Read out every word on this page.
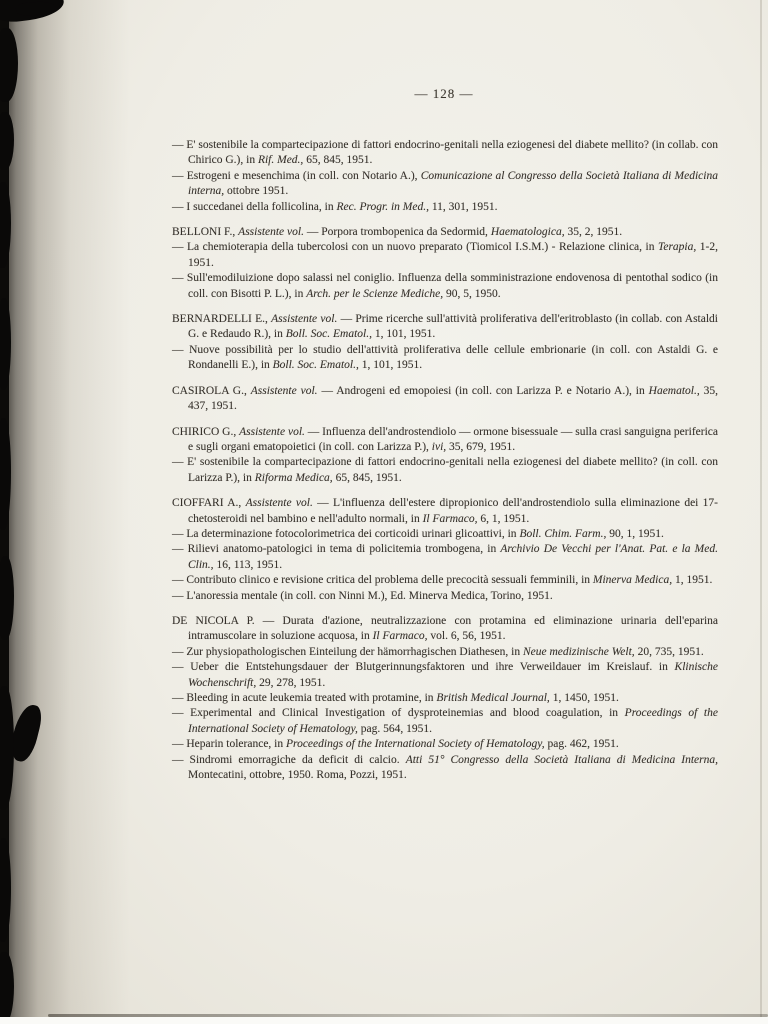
— 128 —

— E' sostenibile la compartecipazione di fattori endocrino-genitali nella eziogenesi del diabete mellito? (in collab. con Chirico G.), in Rif. Med., 65, 845, 1951.

— Estrogeni e mesenchima (in coll. con Notario A.), Comunicazione al Congresso della Società Italiana di Medicina interna, ottobre 1951.

— I succedanei della follicolina, in Rec. Progr. in Med., 11, 301, 1951.

BELLONI F., Assistente vol. — Porpora trombopenica da Sedormid, Haematologica, 35, 2, 1951.

— La chemioterapia della tubercolosi con un nuovo preparato (Tiomicol I.S.M.) - Relazione clinica, in Terapia, 1-2, 1951.

— Sull'emodiluizione dopo salassi nel coniglio. Influenza della somministrazione endovenosa di pentothal sodico (in coll. con Bisotti P. L.), in Arch. per le Scienze Mediche, 90, 5, 1950.

BERNARDELLI E., Assistente vol. — Prime ricerche sull'attività proliferativa dell'eritroblasto (in collab. con Astaldi G. e Redaudo R.), in Boll. Soc. Ematol., 1, 101, 1951.

— Nuove possibilità per lo studio dell'attività proliferativa delle cellule embrionarie (in coll. con Astaldi G. e Rondanelli E.), in Boll. Soc. Ematol., 1, 101, 1951.

CASIROLA G., Assistente vol. — Androgeni ed emopoiesi (in coll. con Larizza P. e Notario A.), in Haematol., 35, 437, 1951.

CHIRICO G., Assistente vol. — Influenza dell'androstendiolo — ormone bisessuale — sulla crasi sanguigna periferica e sugli organi ematopoietici (in coll. con Larizza P.), ivi, 35, 679, 1951.

— E' sostenibile la compartecipazione di fattori endocrino-genitali nella eziogenesi del diabete mellito? (in coll. con Larizza P.), in Riforma Medica, 65, 845, 1951.

CIOFFARI A., Assistente vol. — L'influenza dell'estere dipropionico dell'androstendiolo sulla eliminazione dei 17-chetosteroidi nel bambino e nell'adulto normali, in Il Farmaco, 6, 1, 1951.

— La determinazione fotocolorimetrica dei corticoidi urinari glicoattivi, in Boll. Chim. Farm., 90, 1, 1951.

— Rilievi anatomo-patologici in tema di policitemia trombogena, in Archivio De Vecchi per l'Anat. Pat. e la Med. Clin., 16, 113, 1951.

— Contributo clinico e revisione critica del problema delle precocità sessuali femminili, in Minerva Medica, 1, 1951.

— L'anoressia mentale (in coll. con Ninni M.), Ed. Minerva Medica, Torino, 1951.

DE NICOLA P. — Durata d'azione, neutralizzazione con protamina ed eliminazione urinaria dell'eparina intramuscolare in soluzione acquosa, in Il Farmaco, vol. 6, 56, 1951.

— Zur physiopathologischen Einteilung der hämorrhagischen Diathesen, in Neue medizinische Welt, 20, 735, 1951.

— Ueber die Entstehungsdauer der Blutgerinnungsfaktoren und ihre Verweildauer im Kreislauf. in Klinische Wochenschrift, 29, 278, 1951.

— Bleeding in acute leukemia treated with protamine, in British Medical Journal, 1, 1450, 1951.

— Experimental and Clinical Investigation of dysproteinemias and blood coagulation, in Proceedings of the International Society of Hematology, pag. 564, 1951.

— Heparin tolerance, in Proceedings of the International Society of Hematology, pag. 462, 1951.

— Sindromi emorragiche da deficit di calcio. Atti 51° Congresso della Società Italiana di Medicina Interna, Montecatini, ottobre, 1950. Roma, Pozzi, 1951.
